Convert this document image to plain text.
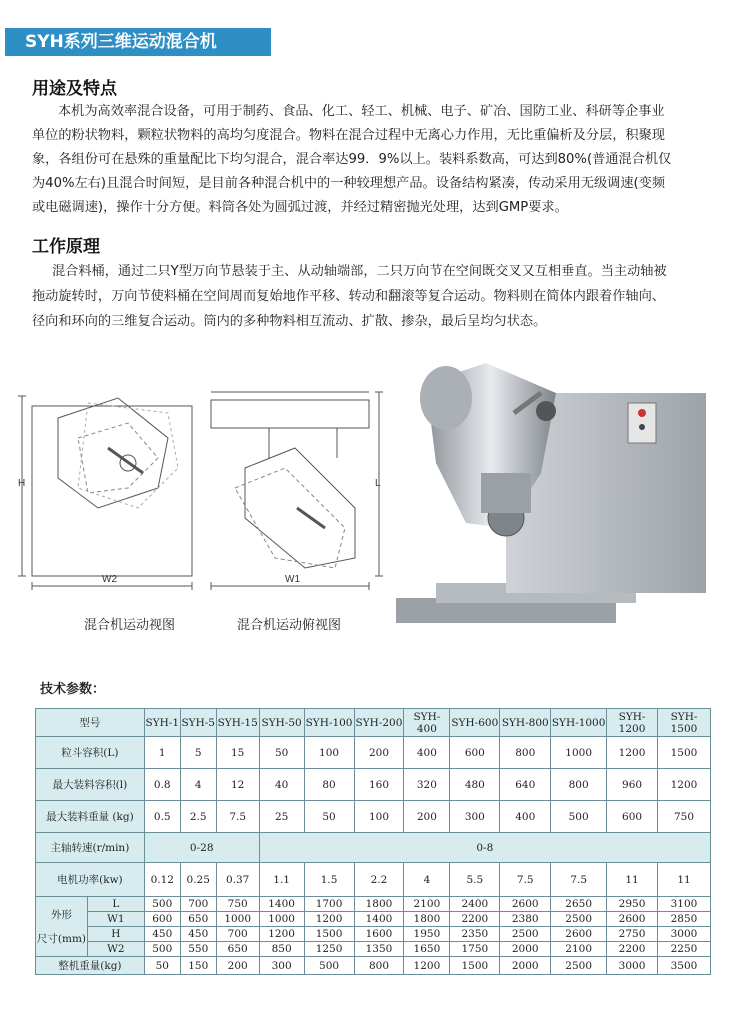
SYH系列三维运动混合机
用途及特点

本机为高效率混合设备，可用于制药、食品、化工、轻工、机械、电子、矿冶、国防工业、科研等企事业

单位的粉状物料，颗粒状物料的高均匀度混合。物料在混合过程中无离心力作用，无比重偏析及分层，积聚现

象，各组份可在悬殊的重量配比下均匀混合，混合率达99．9%以上。装料系数高，可达到80%(普通混合机仅

为40%左右)且混合时间短，是目前各种混合机中的一种较理想产品。设备结构紧凑，传动采用无级调速(变频

或电磁调速)，操作十分方便。料筒各处为圆弧过渡，并经过精密抛光处理，达到GMP要求。

工作原理

混合料桶，通过二只Y型万向节悬装于主、从动轴端部，二只万向节在空间既交叉又互相垂直。当主动轴被

拖动旋转时，万向节使料桶在空间周而复始地作平移、转动和翻滚等复合运动。物料则在简体内跟着作轴向、

径向和环向的三维复合运动。筒内的多种物料相互流动、扩散、掺杂，最后呈均匀状态。

H
W2
L
W1
混合机运动视图	混合机运动俯视图
技术参数：
型号		SYH-1	SYH-5	SYH-15	SYH-50	SYH-100	SYH-200	SYH-400	SYH-600	SYH-800	SYH-1000	SYH-1200	SYH-1500
粒斗容积(L)		1	5	15	50	100	200	400	600	800	1000	1200	1500
最大装料容积(l)		0.8	4	12	40	80	160	320	480	640	800	960	1200
最大装料重量 (kg)		0.5	2.5	7.5	25	50	100	200	300	400	500	600	750
主轴转速(r/min)		0-28			0-8								
电机功率(kw)		0.12	0.25	0.37	1.1	1.5	2.2	4	5.5	7.5	7.5	11	11

外形
尺寸(mm)	L	500	700	750	1400	1700	1800	2100	2400	2600	2650	2950	3100
	W1	600	650	1000	1000	1200	1400	1800	2200	2380	2500	2600	2850
	H	450	450	700	1200	1500	1600	1950	2350	2500	2600	2750	3000
	W2	500	550	650	850	1250	1350	1650	1750	2000	2100	2200	2250
整机重量(kg)		50	150	200	300	500	800	1200	1500	2000	2500	3000	3500
